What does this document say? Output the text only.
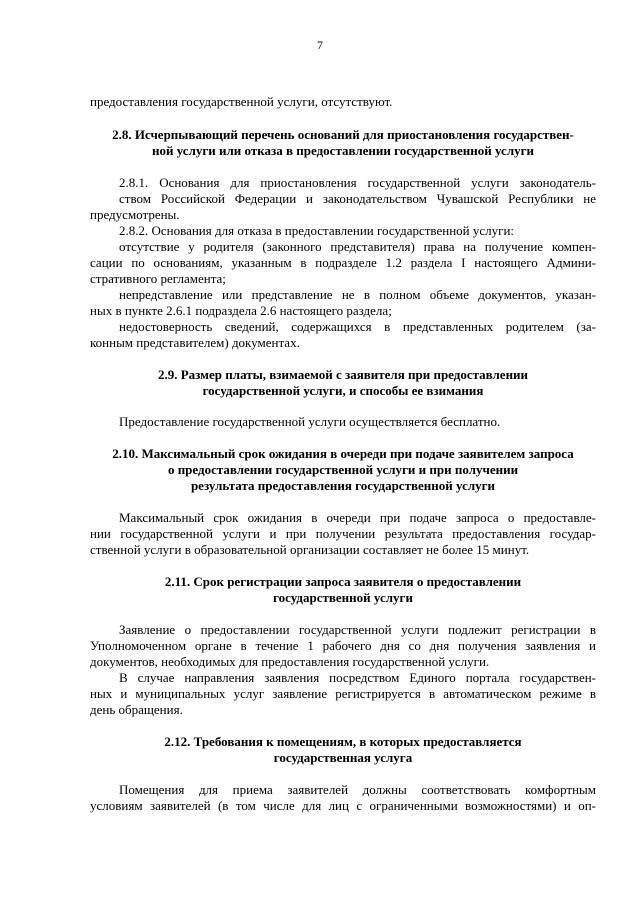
7

предоставления государственной услуги, отсутствуют.

2.8. Исчерпывающий перечень оснований для приостановления государствен-
ной услуги или отказа в предоставлении государственной услуги

2.8.1. Основания для приостановления государственной услуги законодатель-
ством Российской Федерации и законодательством Чувашской Республики не
предусмотрены.

2.8.2. Основания для отказа в предоставлении государственной услуги:

отсутствие у родителя (законного представителя) права на получение компен-
сации по основаниям, указанным в подразделе 1.2 раздела I настоящего Админи-
стративного регламента;

непредставление или представление не в полном объеме документов, указан-
ных в пункте 2.6.1 подраздела 2.6 настоящего раздела;

недостоверность сведений, содержащихся в представленных родителем (за-
конным представителем) документах.

2.9. Размер платы, взимаемой с заявителя при предоставлении
государственной услуги, и способы ее взимания

Предоставление государственной услуги осуществляется бесплатно.

2.10. Максимальный срок ожидания в очереди при подаче заявителем запроса
о предоставлении государственной услуги и при получении
результата предоставления государственной услуги

Максимальный срок ожидания в очереди при подаче запроса о предоставле-
нии государственной услуги и при получении результата предоставления государ-
ственной услуги в образовательной организации составляет не более 15 минут.

2.11. Срок регистрации запроса заявителя о предоставлении
государственной услуги

Заявление о предоставлении государственной услуги подлежит регистрации в
Уполномоченном органе в течение 1 рабочего дня со дня получения заявления и
документов, необходимых для предоставления государственной услуги.

В случае направления заявления посредством Единого портала государствен-
ных и муниципальных услуг заявление регистрируется в автоматическом режиме в
день обращения.

2.12. Требования к помещениям, в которых предоставляется
государственная услуга

Помещения для приема заявителей должны соответствовать комфортным
условиям заявителей (в том числе для лиц с ограниченными возможностями) и оп-
